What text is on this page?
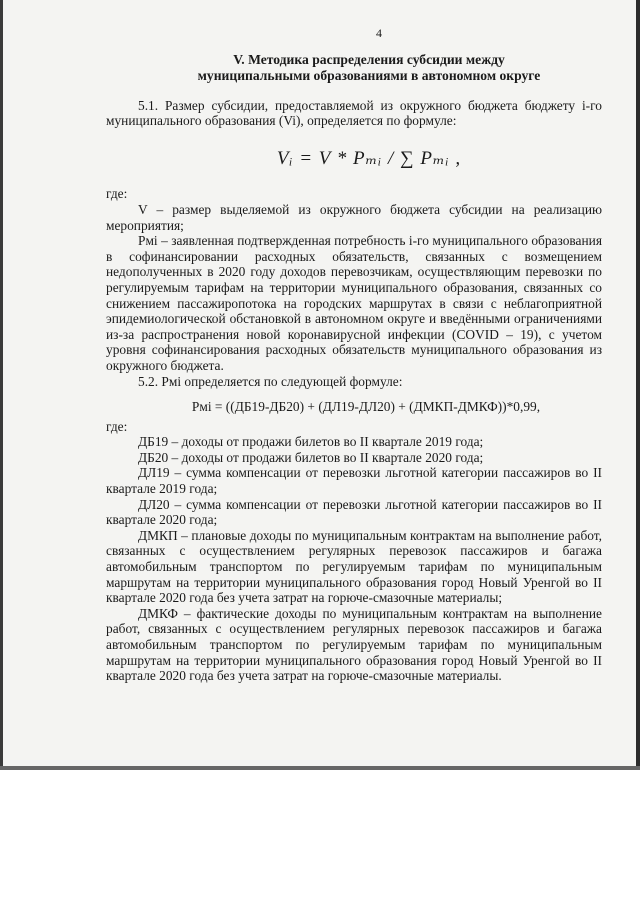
4
V. Методика распределения субсидии между
муниципальными образованиями в автономном округе

5.1. Размер субсидии, предоставляемой из окружного бюджета бюджету i-го муниципального образования (Vi), определяется по формуле:

Vᵢ = V * Pₘᵢ / ∑ Pₘᵢ ,

где:

V – размер выделяемой из окружного бюджета субсидии на реализацию мероприятия;

Pмi – заявленная подтвержденная потребность i-го муниципального образования в софинансировании расходных обязательств, связанных с возмещением недополученных в 2020 году доходов перевозчикам, осуществляющим перевозки по регулируемым тарифам на территории муниципального образования, связанных со снижением пассажиропотока на городских маршрутах в связи с неблагоприятной эпидемиологической обстановкой в автономном округе и введёнными ограничениями из-за распространения новой коронавирусной инфекции (COVID – 19), с учетом уровня софинансирования расходных обязательств муниципального образования из окружного бюджета.

5.2. Pмi определяется по следующей формуле:

Pмi = ((ДБ19-ДБ20) + (ДЛ19-ДЛ20) + (ДМКП-ДМКФ))*0,99,

где:

ДБ19 – доходы от продажи билетов во II квартале 2019 года;

ДБ20 – доходы от продажи билетов во II квартале 2020 года;

ДЛ19 – сумма компенсации от перевозки льготной категории пассажиров во II квартале 2019 года;

ДЛ20 – сумма компенсации от перевозки льготной категории пассажиров во II квартале 2020 года;

ДМКП – плановые доходы по муниципальным контрактам на выполнение работ, связанных с осуществлением регулярных перевозок пассажиров и багажа автомобильным транспортом по регулируемым тарифам по муниципальным маршрутам на территории муниципального образования город Новый Уренгой во II квартале 2020 года без учета затрат на горюче-смазочные материалы;

ДМКФ – фактические доходы по муниципальным контрактам на выполнение работ, связанных с осуществлением регулярных перевозок пассажиров и багажа автомобильным транспортом по регулируемым тарифам по муниципальным маршрутам на территории муниципального образования город Новый Уренгой во II квартале 2020 года без учета затрат на горюче-смазочные материалы.
